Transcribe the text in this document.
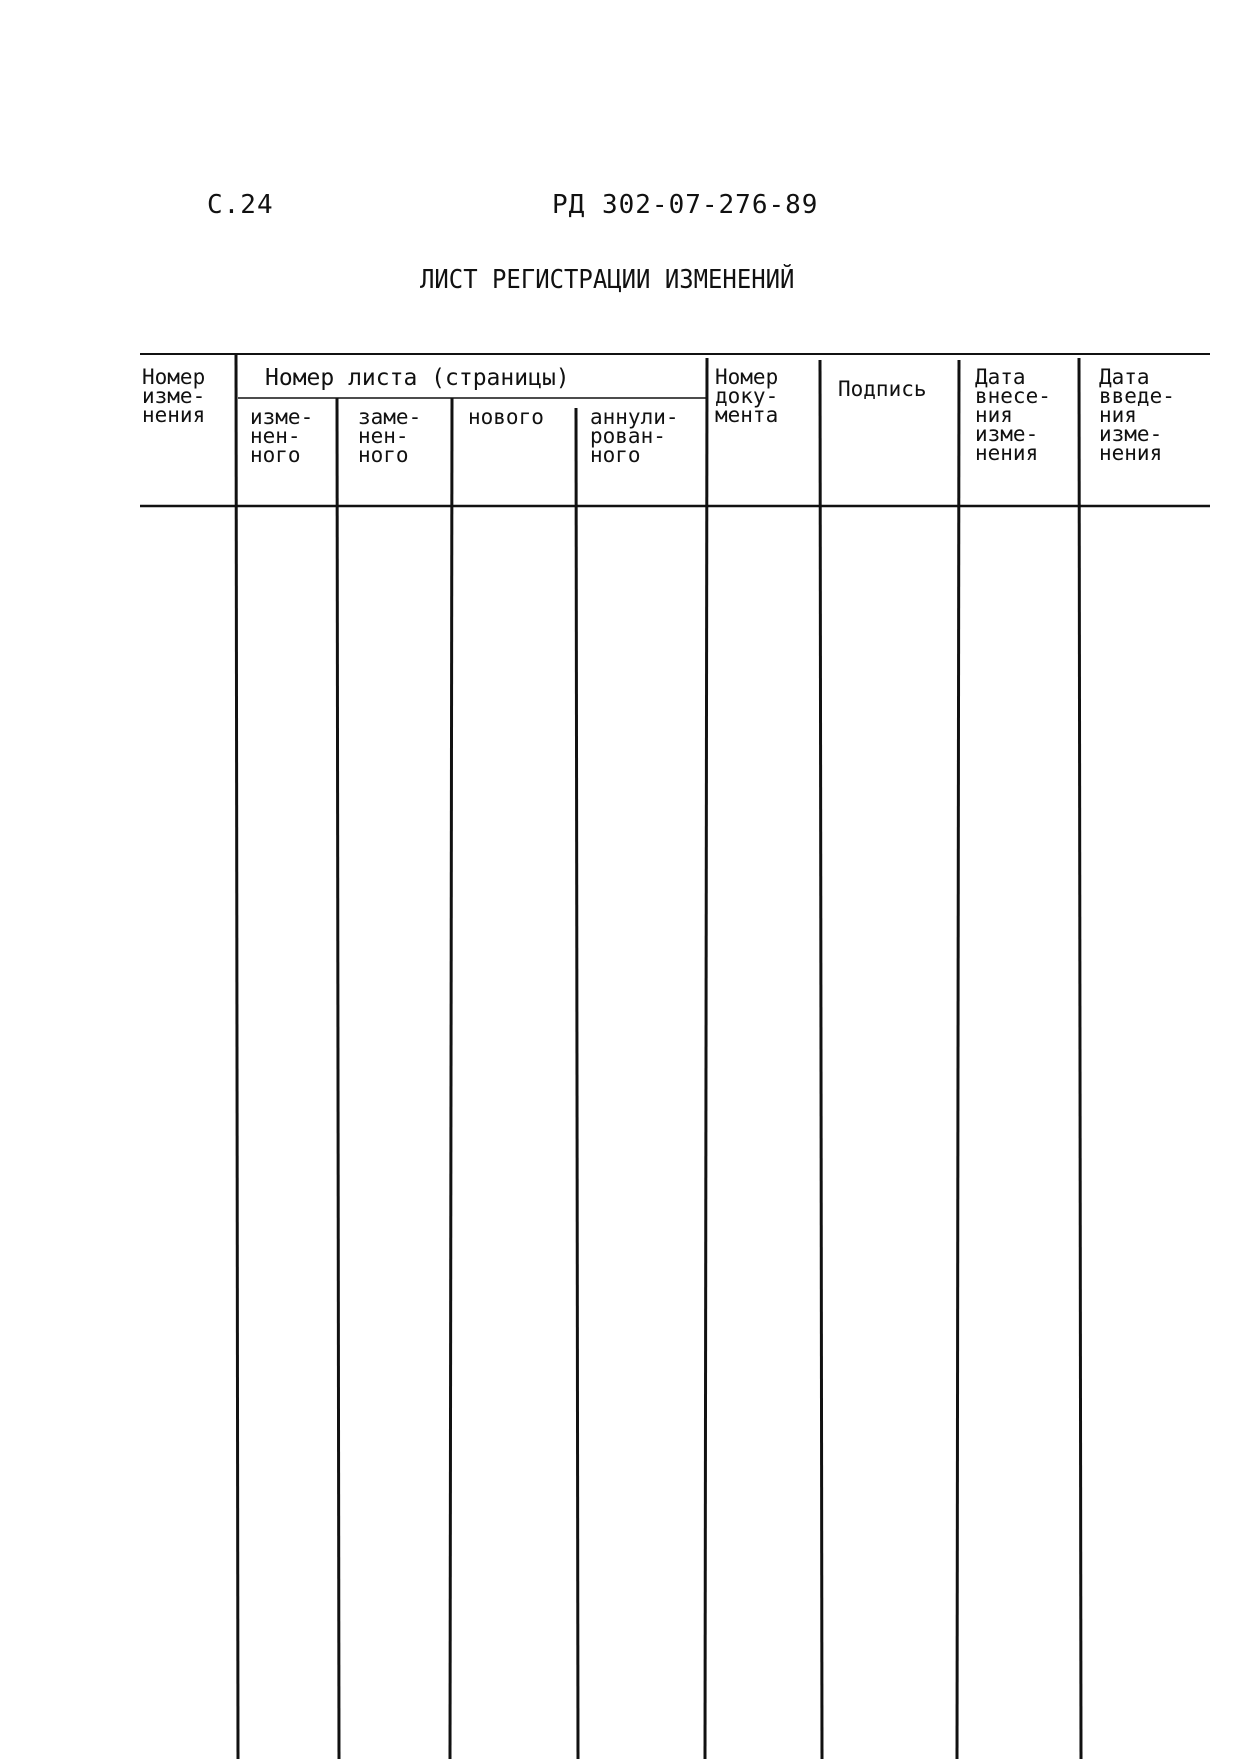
С.24	РД 302-07-276-89
ЛИСТ РЕГИСТРАЦИИ ИЗМЕНЕНИЙ
Номер
изме-
нения
Номер листа (страницы)
изме-
нен-
ного
заме-
нен-
ного
нового аннули-
рован-
ного
Номер
доку-
мента
Подпись Дата
внесе-
ния
изме-
нения
Дата
введе-
ния
изме-
нения
